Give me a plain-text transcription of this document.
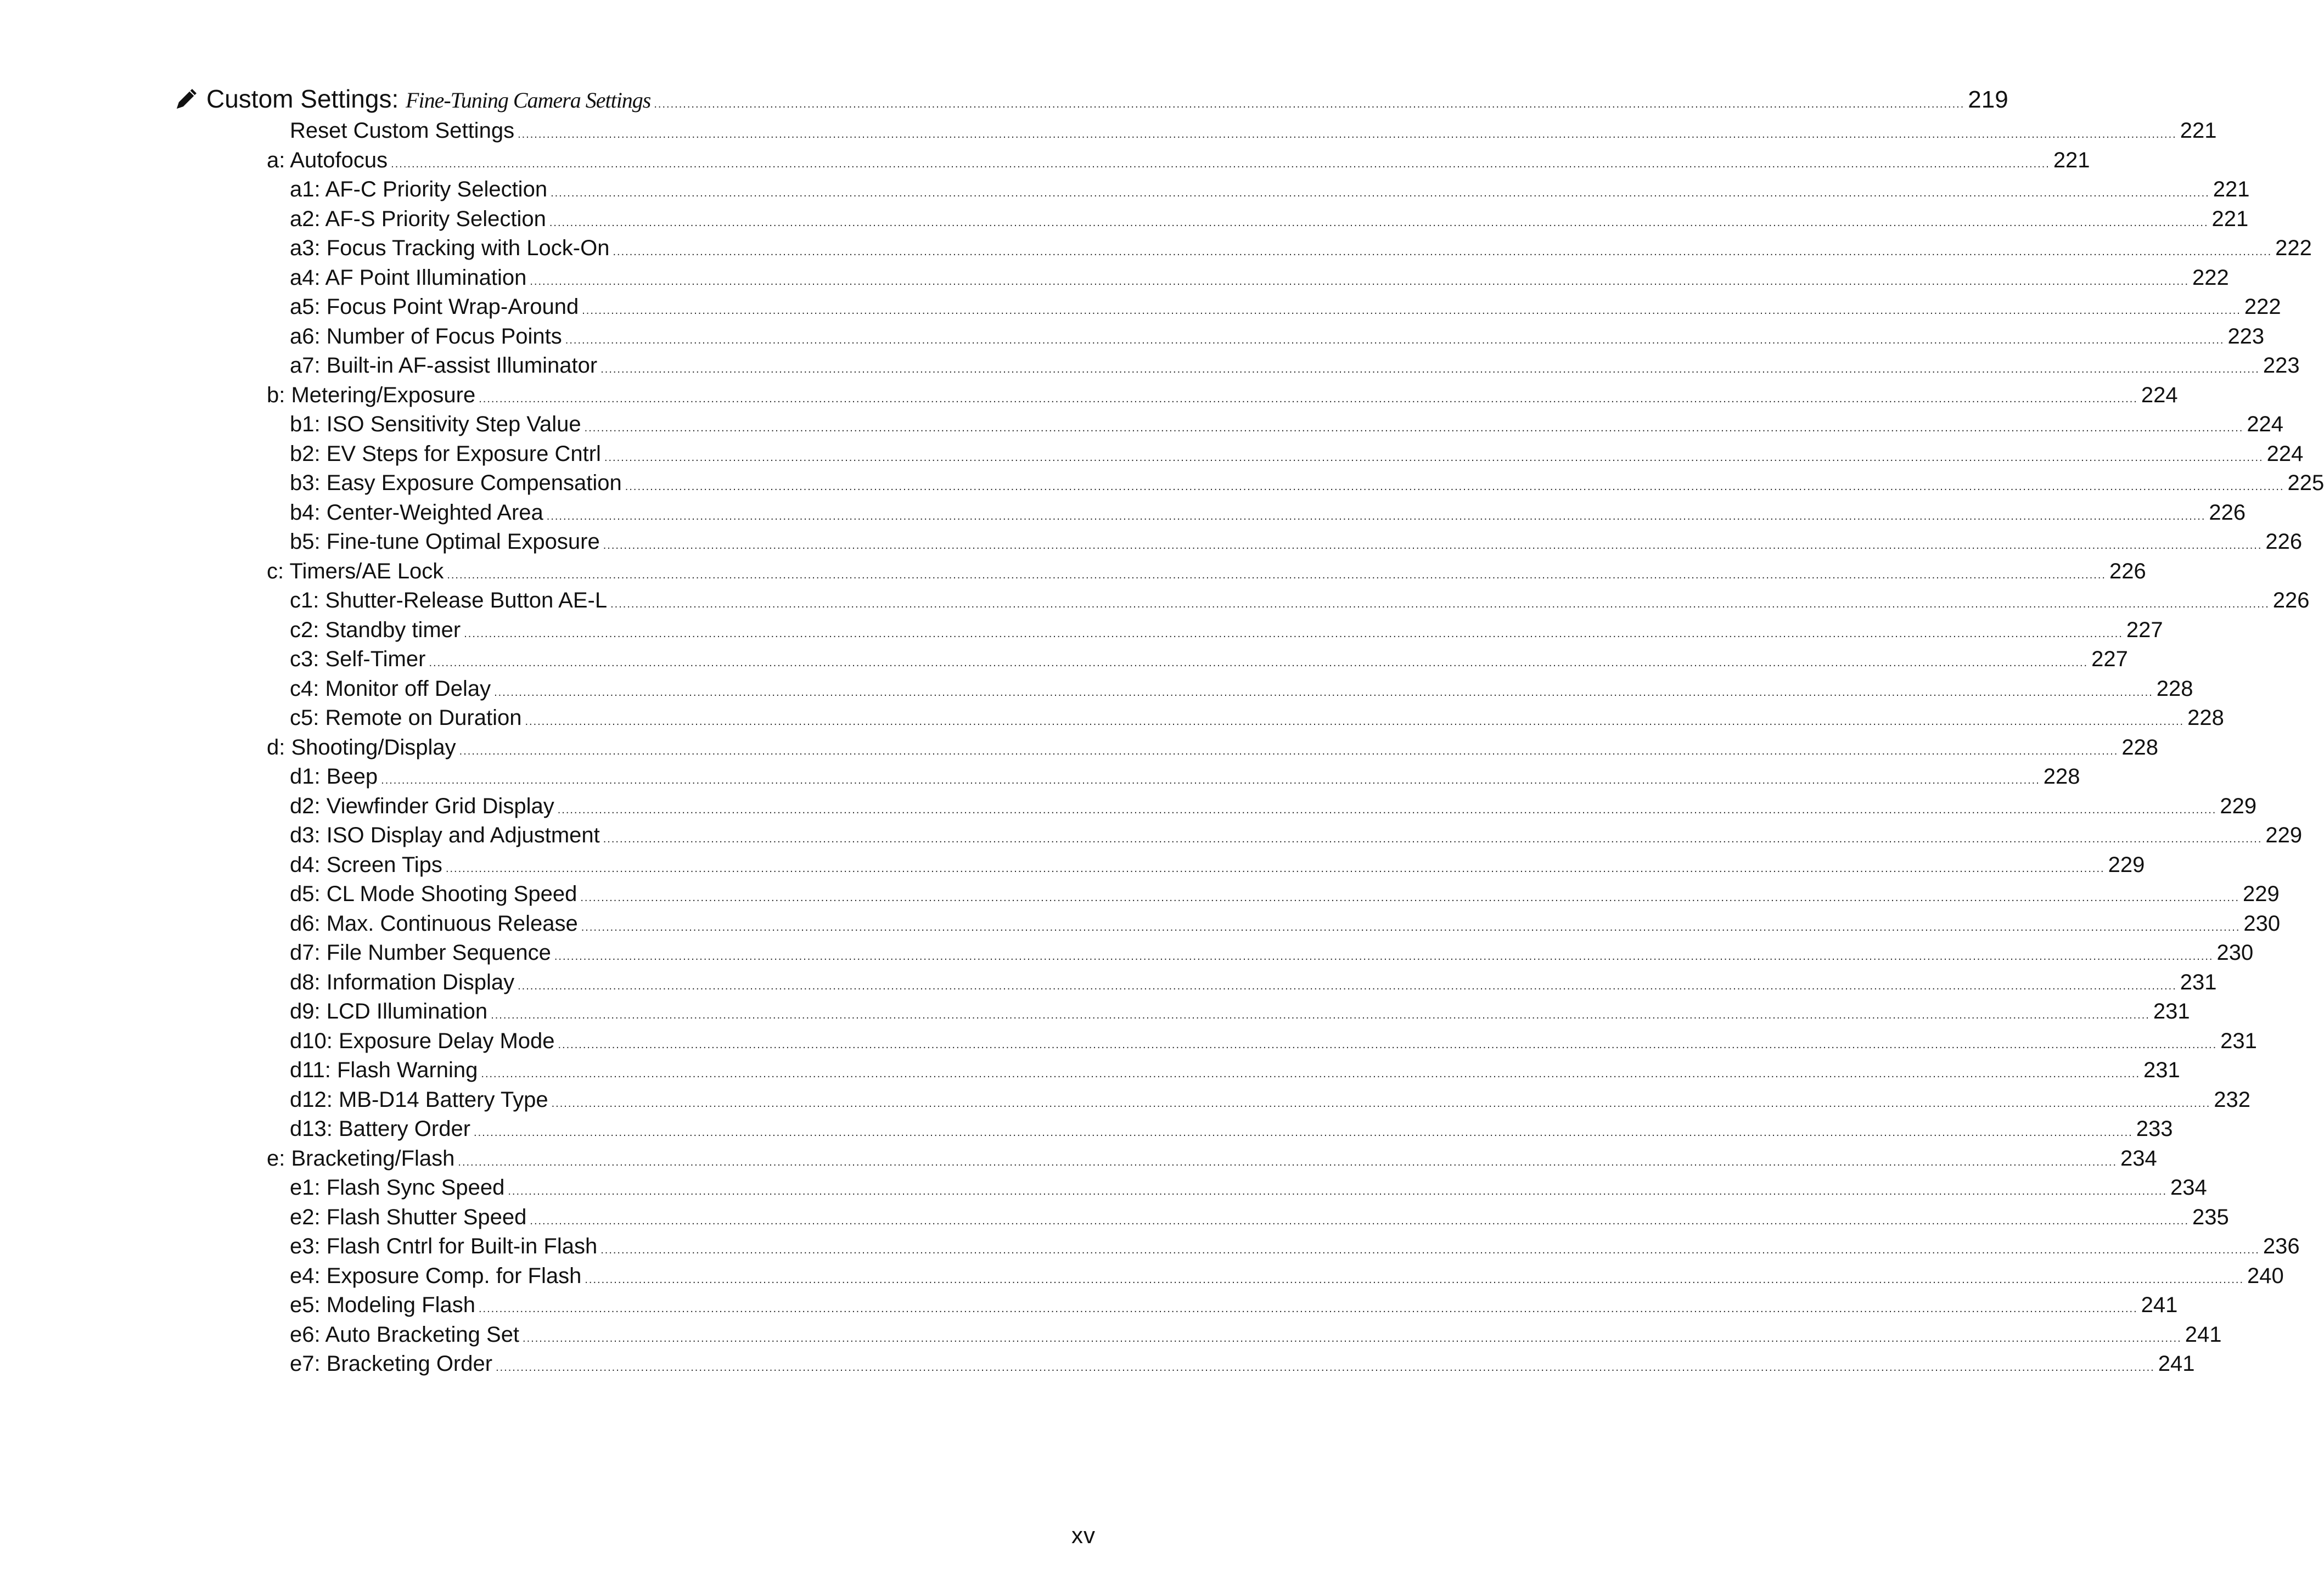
Custom Settings: Fine-Tuning Camera Settings ............................................................................................................................................................................................................................................................................................................................ 219
Reset Custom Settings ................................................................................................................................................................................................................................................................................................................................................................................................................ 221
a: Autofocus ................................................................................................................................................................................................................................................................................................................................................................................................................ 221
a1: AF-C Priority Selection ................................................................................................................................................................................................................................................................................................................................................................................................................ 221
a2: AF-S Priority Selection ................................................................................................................................................................................................................................................................................................................................................................................................................ 221
a3: Focus Tracking with Lock-On ................................................................................................................................................................................................................................................................................................................................................................................................................ 222
a4: AF Point Illumination ................................................................................................................................................................................................................................................................................................................................................................................................................ 222
a5: Focus Point Wrap-Around ................................................................................................................................................................................................................................................................................................................................................................................................................ 222
a6: Number of Focus Points ................................................................................................................................................................................................................................................................................................................................................................................................................ 223
a7: Built-in AF-assist Illuminator ................................................................................................................................................................................................................................................................................................................................................................................................................ 223
b: Metering/Exposure ................................................................................................................................................................................................................................................................................................................................................................................................................ 224
b1: ISO Sensitivity Step Value ................................................................................................................................................................................................................................................................................................................................................................................................................ 224
b2: EV Steps for Exposure Cntrl ................................................................................................................................................................................................................................................................................................................................................................................................................ 224
b3: Easy Exposure Compensation ................................................................................................................................................................................................................................................................................................................................................................................................................ 225
b4: Center-Weighted Area ................................................................................................................................................................................................................................................................................................................................................................................................................ 226
b5: Fine-tune Optimal Exposure ................................................................................................................................................................................................................................................................................................................................................................................................................ 226
c: Timers/AE Lock ................................................................................................................................................................................................................................................................................................................................................................................................................ 226
c1: Shutter-Release Button AE-L ................................................................................................................................................................................................................................................................................................................................................................................................................ 226
c2: Standby timer ................................................................................................................................................................................................................................................................................................................................................................................................................ 227
c3: Self-Timer ................................................................................................................................................................................................................................................................................................................................................................................................................ 227
c4: Monitor off Delay ................................................................................................................................................................................................................................................................................................................................................................................................................ 228
c5: Remote on Duration ................................................................................................................................................................................................................................................................................................................................................................................................................ 228
d: Shooting/Display ................................................................................................................................................................................................................................................................................................................................................................................................................ 228
d1: Beep ................................................................................................................................................................................................................................................................................................................................................................................................................ 228
d2: Viewfinder Grid Display ................................................................................................................................................................................................................................................................................................................................................................................................................ 229
d3: ISO Display and Adjustment ................................................................................................................................................................................................................................................................................................................................................................................................................ 229
d4: Screen Tips ................................................................................................................................................................................................................................................................................................................................................................................................................ 229
d5: CL Mode Shooting Speed ................................................................................................................................................................................................................................................................................................................................................................................................................ 229
d6: Max. Continuous Release ................................................................................................................................................................................................................................................................................................................................................................................................................ 230
d7: File Number Sequence ................................................................................................................................................................................................................................................................................................................................................................................................................ 230
d8: Information Display ................................................................................................................................................................................................................................................................................................................................................................................................................ 231
d9: LCD Illumination ................................................................................................................................................................................................................................................................................................................................................................................................................ 231
d10: Exposure Delay Mode ................................................................................................................................................................................................................................................................................................................................................................................................................ 231
d11: Flash Warning ................................................................................................................................................................................................................................................................................................................................................................................................................ 231
d12: MB-D14 Battery Type ................................................................................................................................................................................................................................................................................................................................................................................................................ 232
d13: Battery Order ................................................................................................................................................................................................................................................................................................................................................................................................................ 233
e: Bracketing/Flash ................................................................................................................................................................................................................................................................................................................................................................................................................ 234
e1: Flash Sync Speed ................................................................................................................................................................................................................................................................................................................................................................................................................ 234
e2: Flash Shutter Speed ................................................................................................................................................................................................................................................................................................................................................................................................................ 235
e3: Flash Cntrl for Built-in Flash ................................................................................................................................................................................................................................................................................................................................................................................................................ 236
e4: Exposure Comp. for Flash ................................................................................................................................................................................................................................................................................................................................................................................................................ 240
e5: Modeling Flash ................................................................................................................................................................................................................................................................................................................................................................................................................ 241
e6: Auto Bracketing Set ................................................................................................................................................................................................................................................................................................................................................................................................................ 241
e7: Bracketing Order ................................................................................................................................................................................................................................................................................................................................................................................................................ 241
xv
